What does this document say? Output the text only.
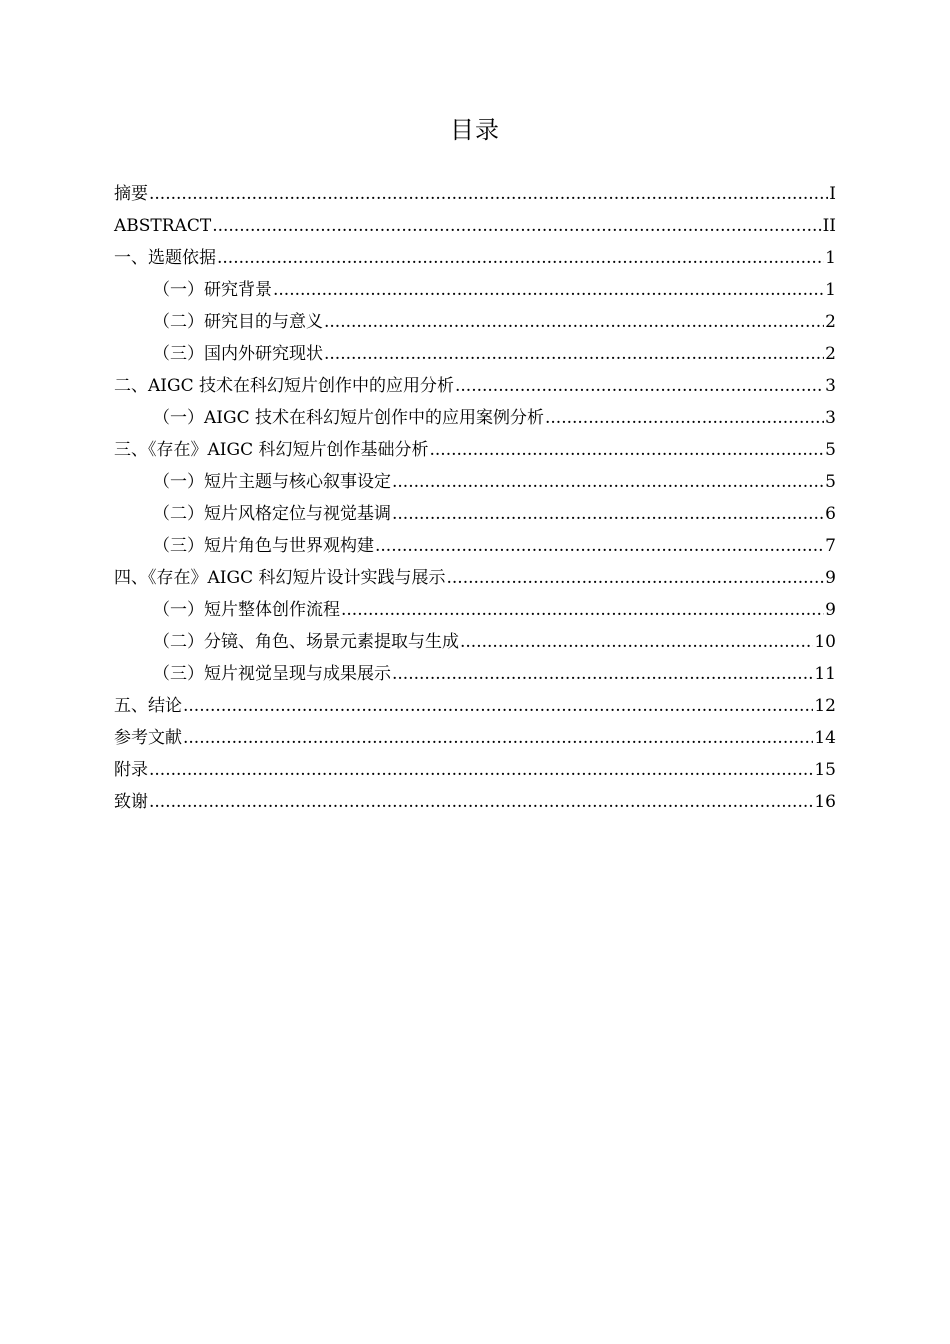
目录
摘要 .....	I
ABSTRACT .....	II
一、选题依据 .....	1
（一）研究背景 .....	1
（二）研究目的与意义 .....	2
（三）国内外研究现状 .....	2
二、AIGC 技术在科幻短片创作中的应用分析 .....	3
（一）AIGC 技术在科幻短片创作中的应用案例分析 .....	3
三、《存在》AIGC 科幻短片创作基础分析 .....	5
（一）短片主题与核心叙事设定 .....	5
（二）短片风格定位与视觉基调 .....	6
（三）短片角色与世界观构建 .....	7
四、《存在》AIGC 科幻短片设计实践与展示 .....	9
（一）短片整体创作流程 .....	9
（二）分镜、角色、场景元素提取与生成 .....	10
（三）短片视觉呈现与成果展示 .....	11
五、结论 .....	12
参考文献 .....	14
附录 .....	15
致谢 .....	16
